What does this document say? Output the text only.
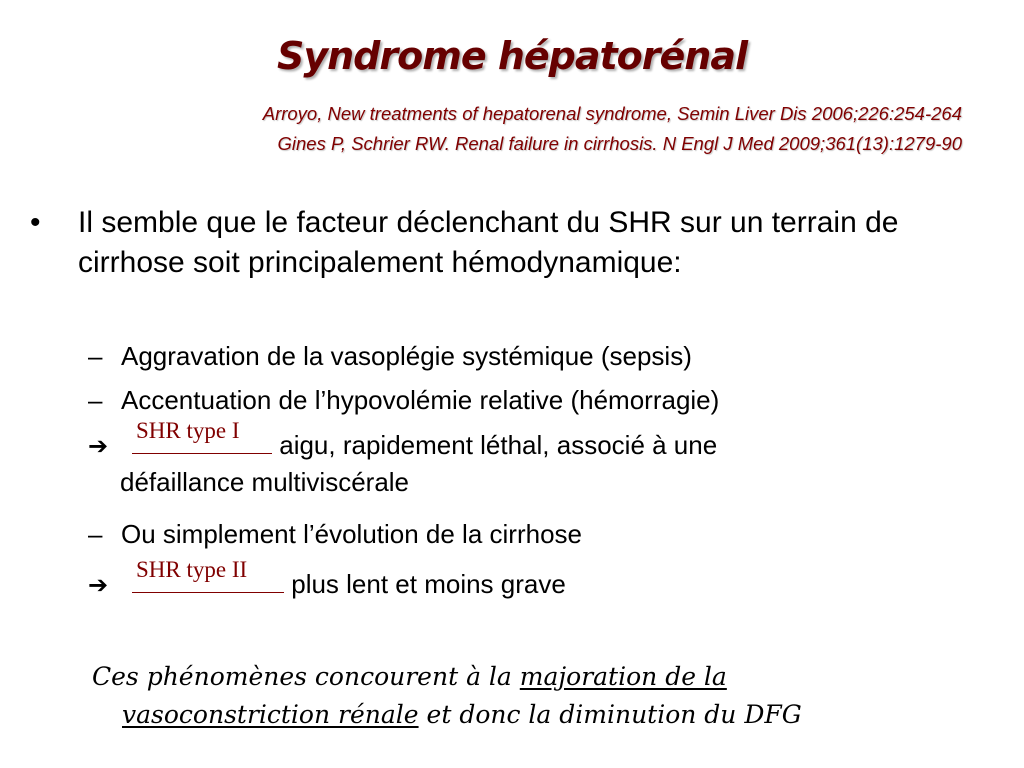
Syndrome hépatorénal
Arroyo, New treatments of hepatorenal syndrome, Semin Liver Dis 2006;226:254-264
Gines P, Schrier RW. Renal failure in cirrhosis. N Engl J Med 2009;361(13):1279-90
• Il semble que le facteur déclenchant du SHR sur un terrain de cirrhose soit principalement hémodynamique:
– Aggravation de la vasoplégie systémique (sepsis)
– Accentuation de l’hypovolémie relative (hémorragie)
➔
SHR type I aigu, rapidement léthal, associé à une
défaillance multiviscérale
– Ou simplement l’évolution de la cirrhose
➔
SHR type II plus lent et moins grave
Ces phénomènes concourent à la majoration de la
vasoconstriction rénale et donc la diminution du DFG
